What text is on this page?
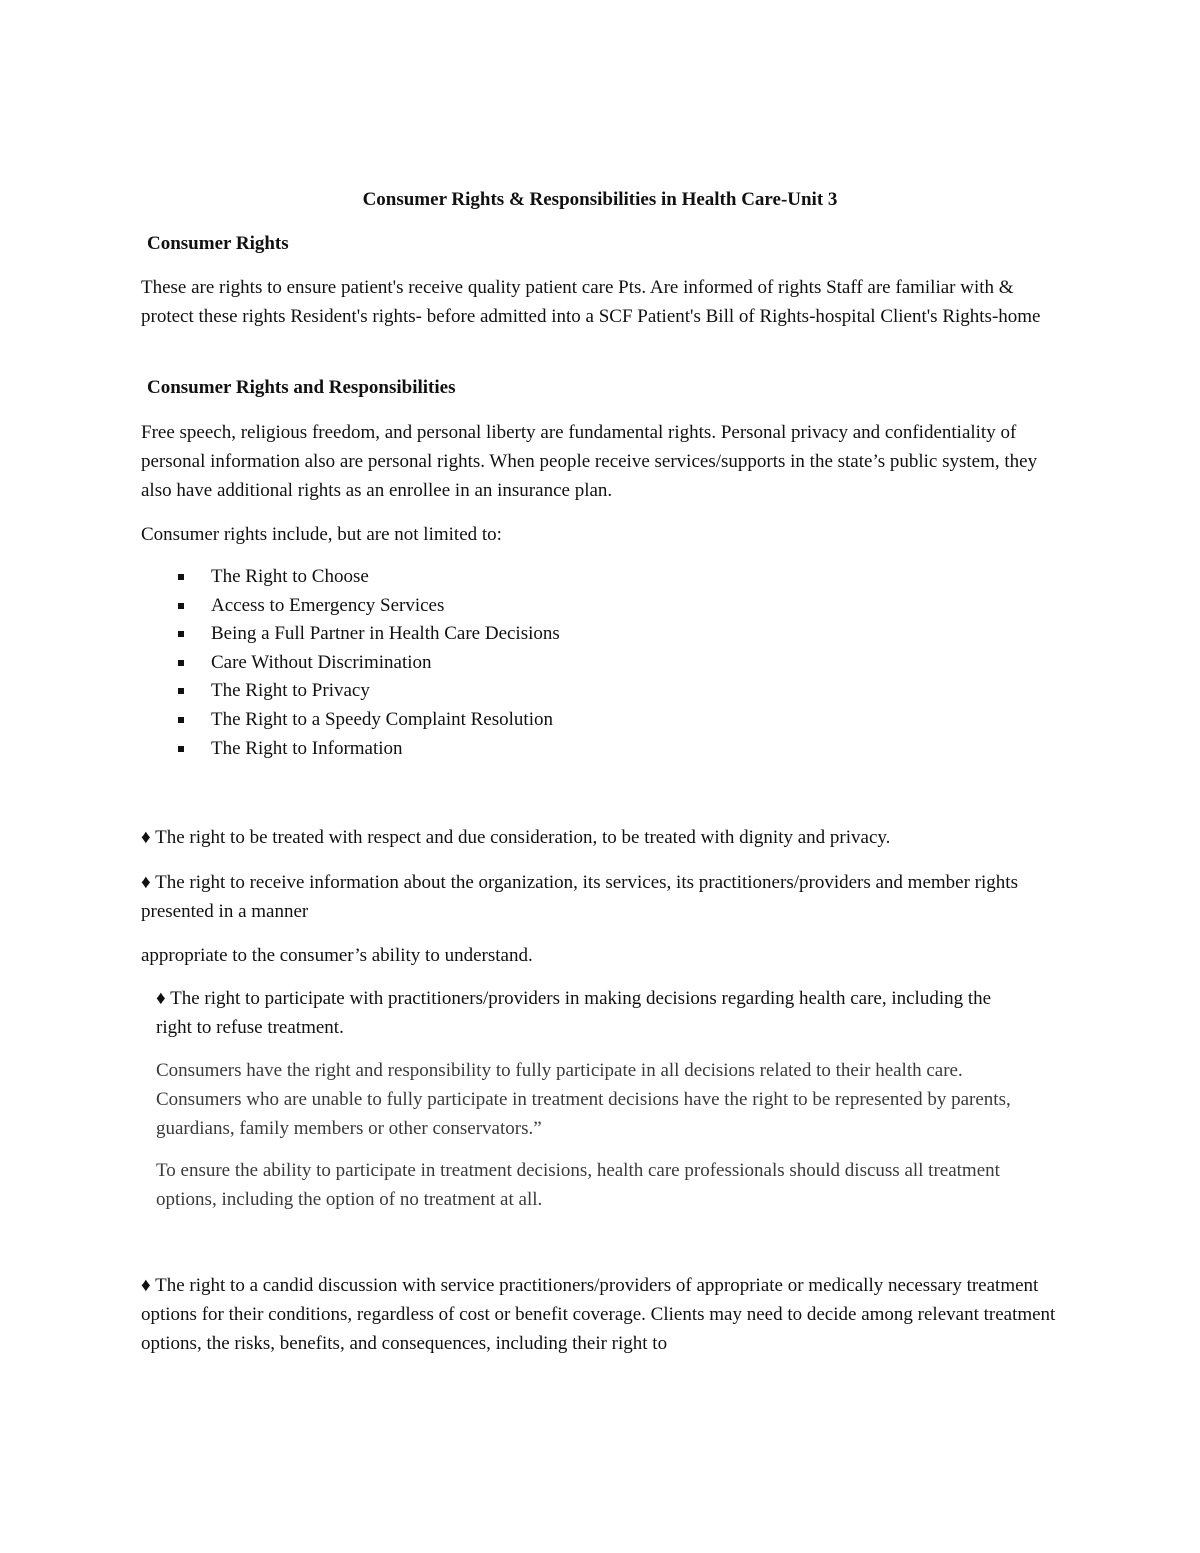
Consumer Rights & Responsibilities in Health Care-Unit 3
Consumer Rights

These are rights to ensure patient's receive quality patient care Pts. Are informed of rights Staff are familiar with & protect these rights Resident's rights- before admitted into a SCF Patient's Bill of Rights-hospital Client's Rights-home

Consumer Rights and Responsibilities

Free speech, religious freedom, and personal liberty are fundamental rights. Personal privacy and confidentiality of personal information also are personal rights. When people receive services/supports in the state’s public system, they also have additional rights as an enrollee in an insurance plan.

Consumer rights include, but are not limited to:

The Right to Choose
Access to Emergency Services
Being a Full Partner in Health Care Decisions
Care Without Discrimination
The Right to Privacy
The Right to a Speedy Complaint Resolution
The Right to Information

♦ The right to be treated with respect and due consideration, to be treated with dignity and privacy.

♦ The right to receive information about the organization, its services, its practitioners/providers and member rights presented in a manner

appropriate to the consumer’s ability to understand.

♦ The right to participate with practitioners/providers in making decisions regarding health care, including the right to refuse treatment.

Consumers have the right and responsibility to fully participate in all decisions related to their health care. Consumers who are unable to fully participate in treatment decisions have the right to be represented by parents, guardians, family members or other conservators.”

To ensure the ability to participate in treatment decisions, health care professionals should discuss all treatment options, including the option of no treatment at all.

♦ The right to a candid discussion with service practitioners/providers of appropriate or medically necessary treatment options for their conditions, regardless of cost or benefit coverage. Clients may need to decide among relevant treatment options, the risks, benefits, and consequences, including their right to
